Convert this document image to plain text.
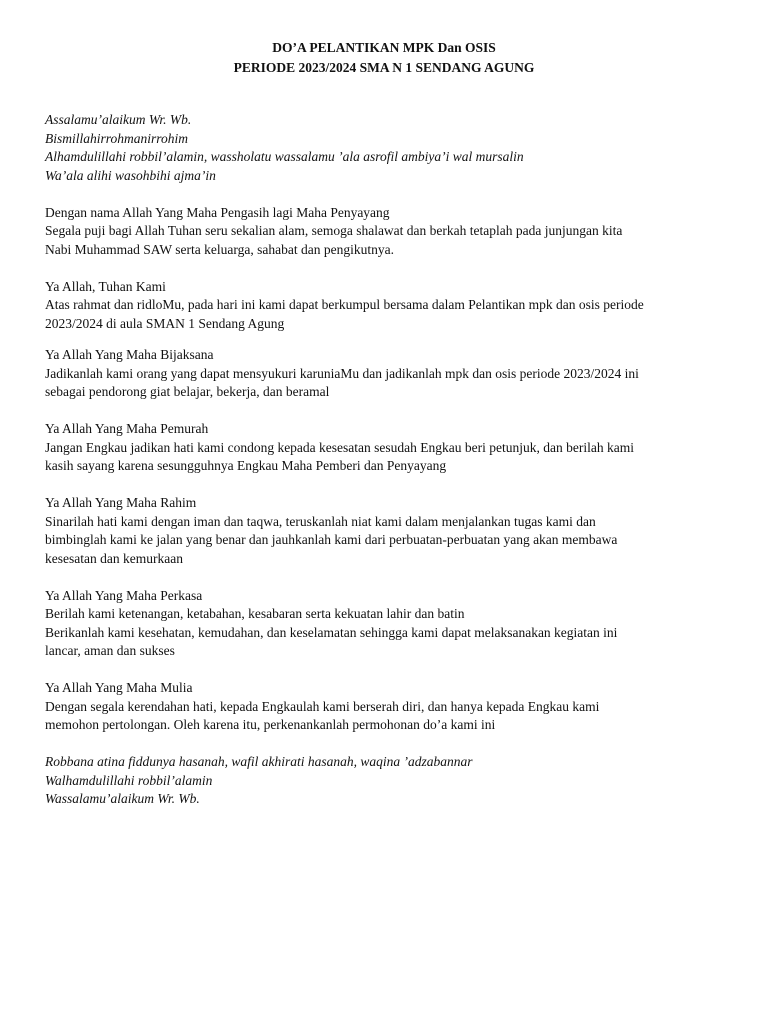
DO’A PELANTIKAN MPK Dan OSIS
PERIODE 2023/2024 SMA N 1 SENDANG AGUNG
Assalamu’alaikum Wr. Wb.
Bismillahirrohmanirrohim
Alhamdulillahi robbil’alamin, wassholatu wassalamu ’ala asrofil ambiya’i wal mursalin
Wa’ala alihi wasohbihi ajma’in
Dengan nama Allah Yang Maha Pengasih lagi Maha Penyayang
Segala puji bagi Allah Tuhan seru sekalian alam, semoga shalawat dan berkah tetaplah pada junjungan kita
Nabi Muhammad SAW serta keluarga, sahabat dan pengikutnya.
Ya Allah, Tuhan Kami
Atas rahmat dan ridloMu, pada hari ini kami dapat berkumpul bersama dalam Pelantikan mpk dan osis periode
2023/2024 di aula SMAN 1 Sendang Agung
Ya Allah Yang Maha Bijaksana
Jadikanlah kami orang yang dapat mensyukuri karuniaMu dan jadikanlah mpk dan osis periode 2023/2024 ini
sebagai pendorong giat belajar, bekerja, dan beramal
Ya Allah Yang Maha Pemurah
Jangan Engkau jadikan hati kami condong kepada kesesatan sesudah Engkau beri petunjuk, dan berilah kami
kasih sayang karena sesungguhnya Engkau Maha Pemberi dan Penyayang
Ya Allah Yang Maha Rahim
Sinarilah hati kami dengan iman dan taqwa, teruskanlah niat kami dalam menjalankan tugas kami dan
bimbinglah kami ke jalan yang benar dan jauhkanlah kami dari perbuatan-perbuatan yang akan membawa
kesesatan dan kemurkaan
Ya Allah Yang Maha Perkasa
Berilah kami ketenangan, ketabahan, kesabaran serta kekuatan lahir dan batin
Berikanlah kami kesehatan, kemudahan, dan keselamatan sehingga kami dapat melaksanakan kegiatan ini
lancar, aman dan sukses
Ya Allah Yang Maha Mulia
Dengan segala kerendahan hati, kepada Engkaulah kami berserah diri, dan hanya kepada Engkau kami
memohon pertolongan. Oleh karena itu, perkenankanlah permohonan do’a kami ini
Robbana atina fiddunya hasanah, wafil akhirati hasanah, waqina ’adzabannar
Walhamdulillahi robbil’alamin
Wassalamu’alaikum Wr. Wb.
